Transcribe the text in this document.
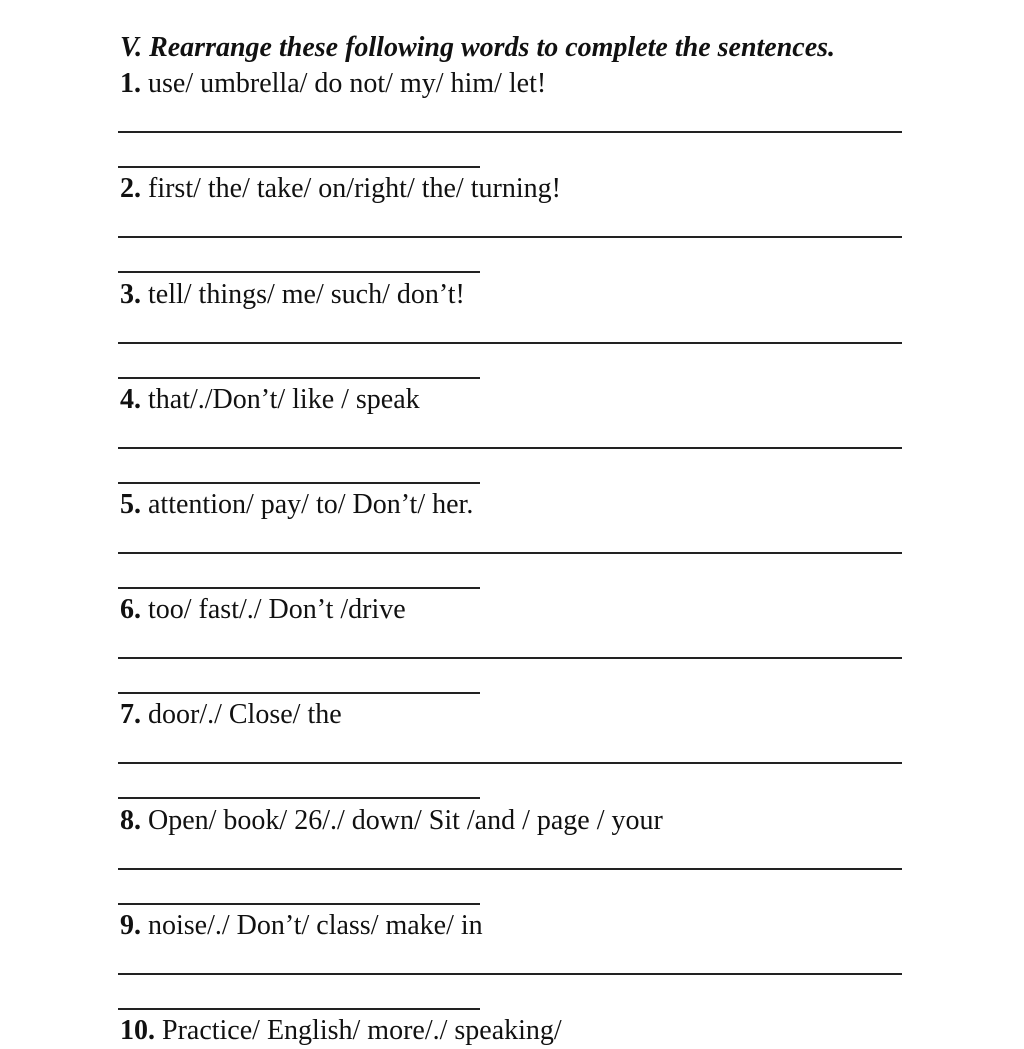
V. Rearrange these following words to complete the sentences.
1. use/ umbrella/ do not/ my/ him/ let!
2. first/ the/ take/ on/right/ the/ turning!
3. tell/ things/ me/ such/ don’t!
4. that/./Don’t/ like / speak
5. attention/ pay/ to/ Don’t/ her.
6. too/ fast/./ Don’t /drive
7. door/./ Close/ the
8. Open/ book/ 26/./ down/ Sit /and / page / your
9. noise/./ Don’t/ class/ make/ in
10. Practice/ English/ more/./ speaking/
